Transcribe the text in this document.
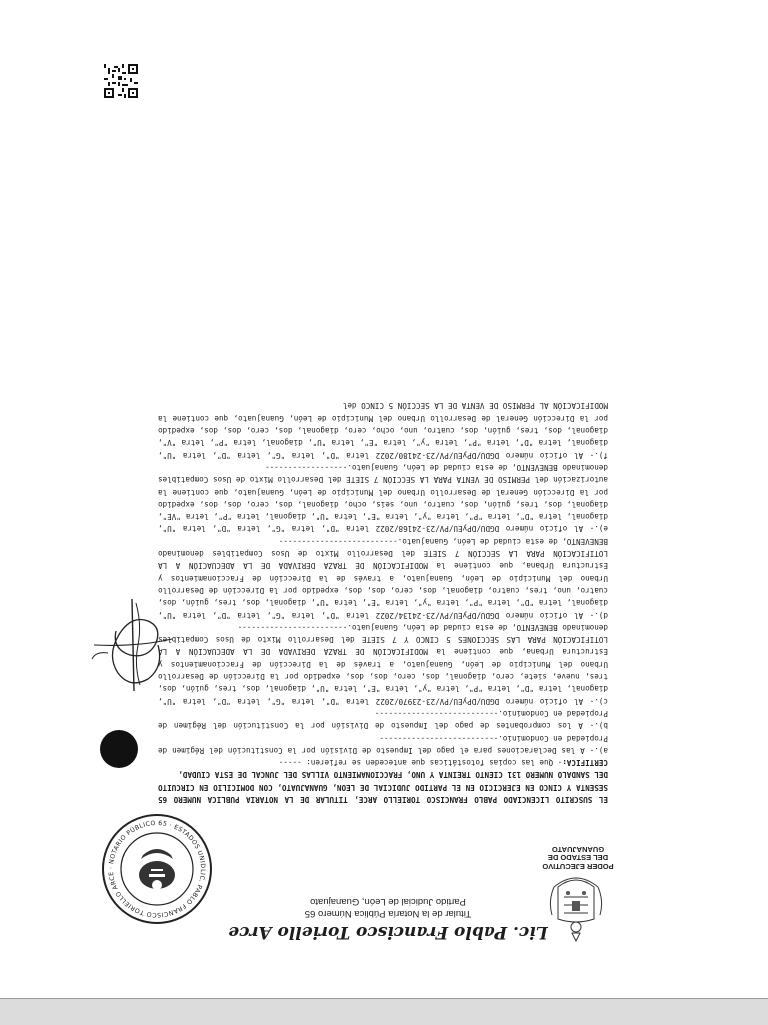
PODER EJECUTIVO
DEL ESTADO DE
GUANAJUATO
Lic. Pablo Francisco Toriello Arce
Titular de la Notaría Pública Número 65
Partido Judicial de León, Guanajuato
LIC. PABLO FRANCISCO TORIELLO ARCE · NOTARIO PÚBLICO 65 · ESTADOS UNID

EL SUSCRITO LICENCIADO PABLO FRANCISCO TORIELLO ARCE, TITULAR DE LA NOTARIA PUBLICA NUMERO 65 SESENTA Y CINCO EN EJERCICIO EN EL PARTIDO JUDICIAL DE LEON, GUANAJUATO, CON DOMICILIO EN CIRCUITO DEL SANDALO NUMERO 131 CIENTO TREINTA Y UNO, FRACCIONAMIENTO VILLAS DEL JUNCAL DE ESTA CIUDAD,

CERTIFICA:- Que las copias fotostáticas que anteceden se refieren: -----

a).- A las Declaraciones para el pago del Impuesto de División por la Constitución del Régimen de Propiedad en Condominio.--------------------------

b).- A los comprobantes de pago del Impuesto de División por la Constitución del Régimen de Propiedad en Condominio.---------------------------

c).- Al oficio número DGDU/DPyEU/PV/23-23970/2022 letra "D", letra "G", letra "D", letra "U", diagonal, letra "D", letra "P", letra "y", letra "E", letra "U", diagonal, dos, tres, guión, dos, tres, nueve, siete, cero, diagonal, dos, cero, dos, dos, expedido por la Dirección de Desarrollo Urbano del Municipio de León, Guanajuato, a través de la Dirección de Fraccionamientos y Estructura Urbana, que contiene la MODIFICACIÓN DE TRAZA DERIVADA DE LA ADECUACIÓN A LA LOTIFICACIÓN PARA LAS SECCIONES 5 CINCO Y 7 SIETE del Desarrollo Mixto de Usos Compatibles denominado BENEVENTO, de esta ciudad de León, Guanajuato.------------------------

d).- Al oficio número DGDU/DPyEU/PV/23-24134/2022 letra "D", letra "G", letra "D", letra "U", diagonal, letra "D", letra "P", letra "y", letra "E", letra "U", diagonal, dos, tres, guión, dos, cuatro, uno, tres, cuatro, diagonal, dos, cero, dos, dos, expedido por la Dirección de Desarrollo Urbano del Municipio de León, Guanajuato, a través de la Dirección de Fraccionamientos y Estructura Urbana, que contiene la MODIFICACIÓN DE TRAZA DERIVADA DE LA ADECUACIÓN A LA LOTIFICACIÓN PARA LA SECCIÓN 7 SIETE del Desarrollo Mixto de Usos Compatibles denominado BENEVENTO, de esta ciudad de León, Guanajuato.--------------------------

e).- Al oficio número DGDU/DPyEU/PV/23-24168/2022 letra "D", letra "G", letra "D", letra "U", diagonal, letra "D", letra "P", letra "y", letra "E", letra "U", diagonal, letra "P", letra "VE", diagonal, dos, tres, guión, dos, cuatro, uno, seis, ocho, diagonal, dos, cero, dos, dos, expedido por la Dirección General de Desarrollo Urbano del Municipio de León, Guanajuato, que contiene la autorización del PERMISO DE VENTA PARA LA SECCIÓN 7 SIETE del Desarrollo Mixto de Usos Compatibles denominado BENEVENTO, de esta ciudad de León, Guanajuato.------------------

f).- Al oficio número DGDU/DPyEU/PV/23-24180/2022 letra "D", letra "G", letra "D", letra "U", diagonal, letra "D", letra "P", letra "y", letra "E", letra "U", diagonal, letra "P", letra "V", diagonal, dos, tres, guión, dos, cuatro, uno, ocho, cero, diagonal, dos, cero, dos, dos, expedido por la Dirección General de Desarrollo Urbano del Municipio de León, Guanajuato, que contiene la MODIFICACIÓN AL PERMISO DE VENTA DE LA SECCIÓN 5 CINCO del
